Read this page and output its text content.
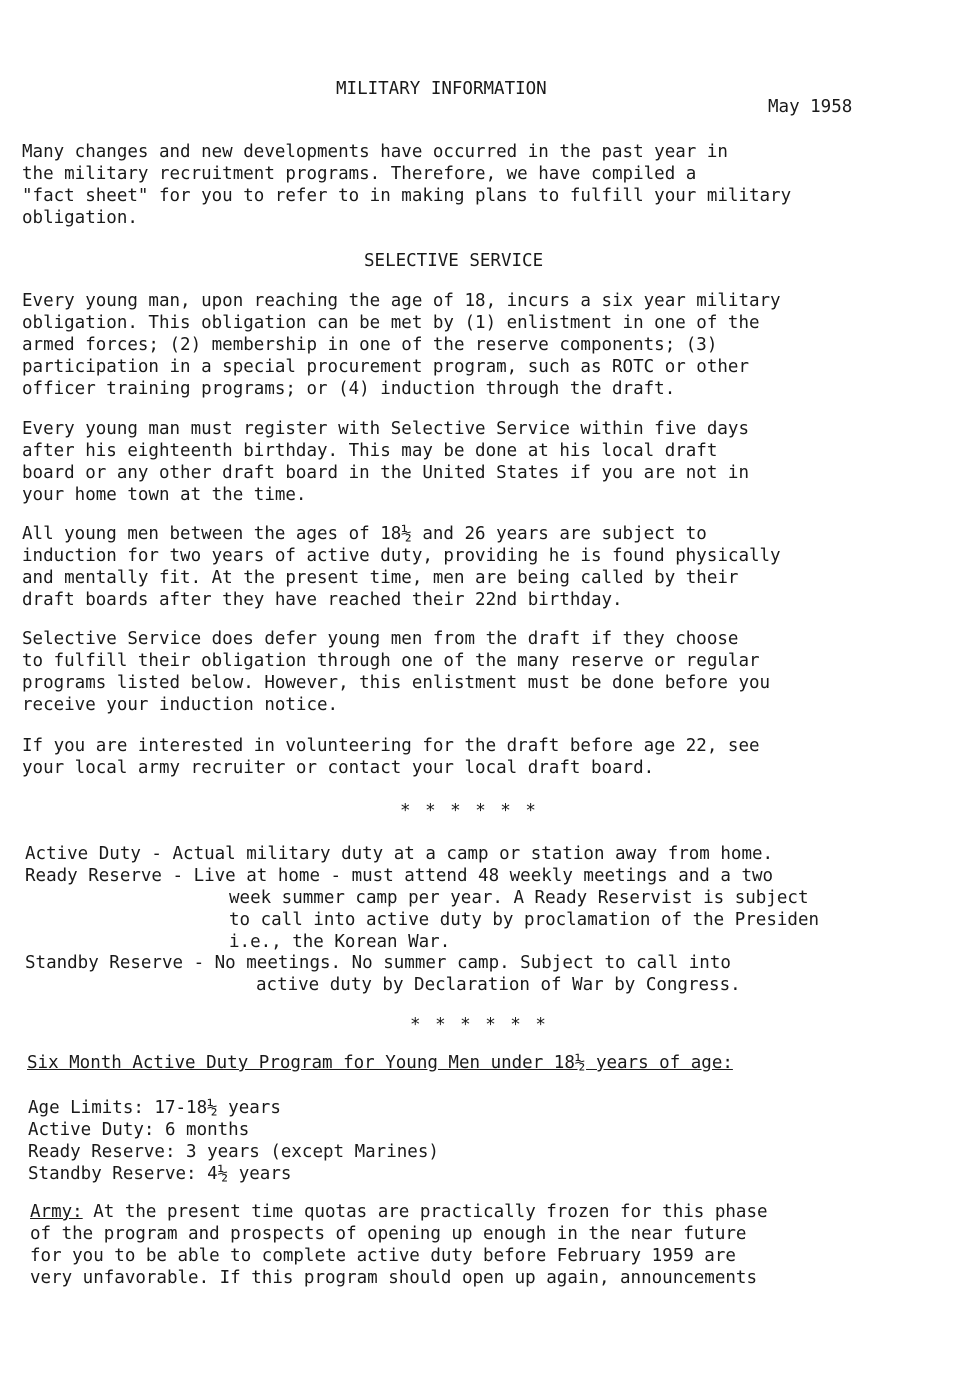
MILITARY INFORMATION
May 1958
Many changes and new developments have occurred in the past year in
the military recruitment programs. Therefore, we have compiled a
"fact sheet" for you to refer to in making plans to fulfill your military
obligation.
SELECTIVE SERVICE
Every young man, upon reaching the age of 18, incurs a six year military
obligation. This obligation can be met by (1) enlistment in one of the
armed forces; (2) membership in one of the reserve components; (3)
participation in a special procurement program, such as ROTC or other
officer training programs; or (4) induction through the draft.
Every young man must register with Selective Service within five days
after his eighteenth birthday. This may be done at his local draft
board or any other draft board in the United States if you are not in
your home town at the time.
All young men between the ages of 18½ and 26 years are subject to
induction for two years of active duty, providing he is found physically
and mentally fit. At the present time, men are being called by their
draft boards after they have reached their 22nd birthday.
Selective Service does defer young men from the draft if they choose
to fulfill their obligation through one of the many reserve or regular
programs listed below. However, this enlistment must be done before you
receive your induction notice.
If you are interested in volunteering for the draft before age 22, see
your local army recruiter or contact your local draft board.
* * * * * *
Active Duty - Actual military duty at a camp or station away from home.
Ready Reserve - Live at home - must attend 48 weekly meetings and a two
week summer camp per year. A Ready Reservist is subject
to call into active duty by proclamation of the Presiden
i.e., the Korean War.
Standby Reserve - No meetings. No summer camp. Subject to call into
active duty by Declaration of War by Congress.
* * * * * *
Six Month Active Duty Program for Young Men under 18½ years of age:
Age Limits: 17-18½ years
Active Duty: 6 months
Ready Reserve: 3 years (except Marines)
Standby Reserve: 4½ years
Army: At the present time quotas are practically frozen for this phase
of the program and prospects of opening up enough in the near future
for you to be able to complete active duty before February 1959 are
very unfavorable. If this program should open up again, announcements
